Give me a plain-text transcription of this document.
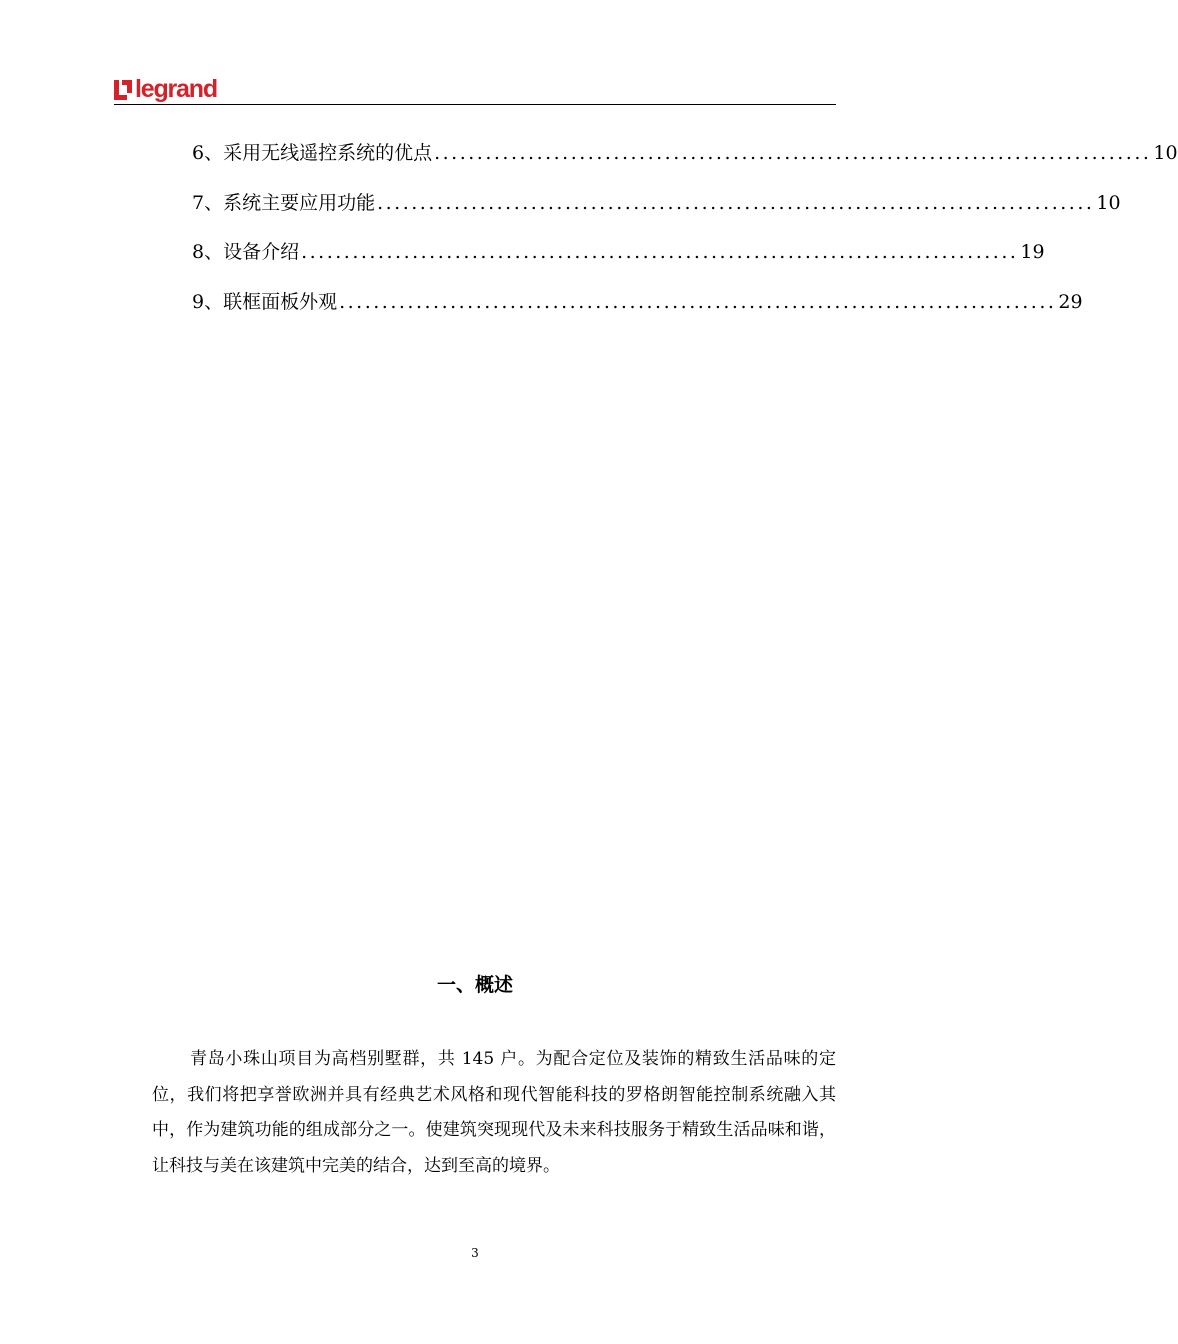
legrand
6、采用无线遥控系统的优点 .................................................................................... 10
7、系统主要应用功能 .................................................................................... 10
8、设备介绍 .................................................................................... 19
9、联框面板外观 .................................................................................... 29
一、概述
青岛小珠山项目为高档别墅群，共 145 户。为配合定位及装饰的精致生活品味的定位，我们将把享誉欧洲并具有经典艺术风格和现代智能科技的罗格朗智能控制系统融入其中，作为建筑功能的组成部分之一。使建筑突现现代及未来科技服务于精致生活品味和谐，让科技与美在该建筑中完美的结合，达到至高的境界。
3
